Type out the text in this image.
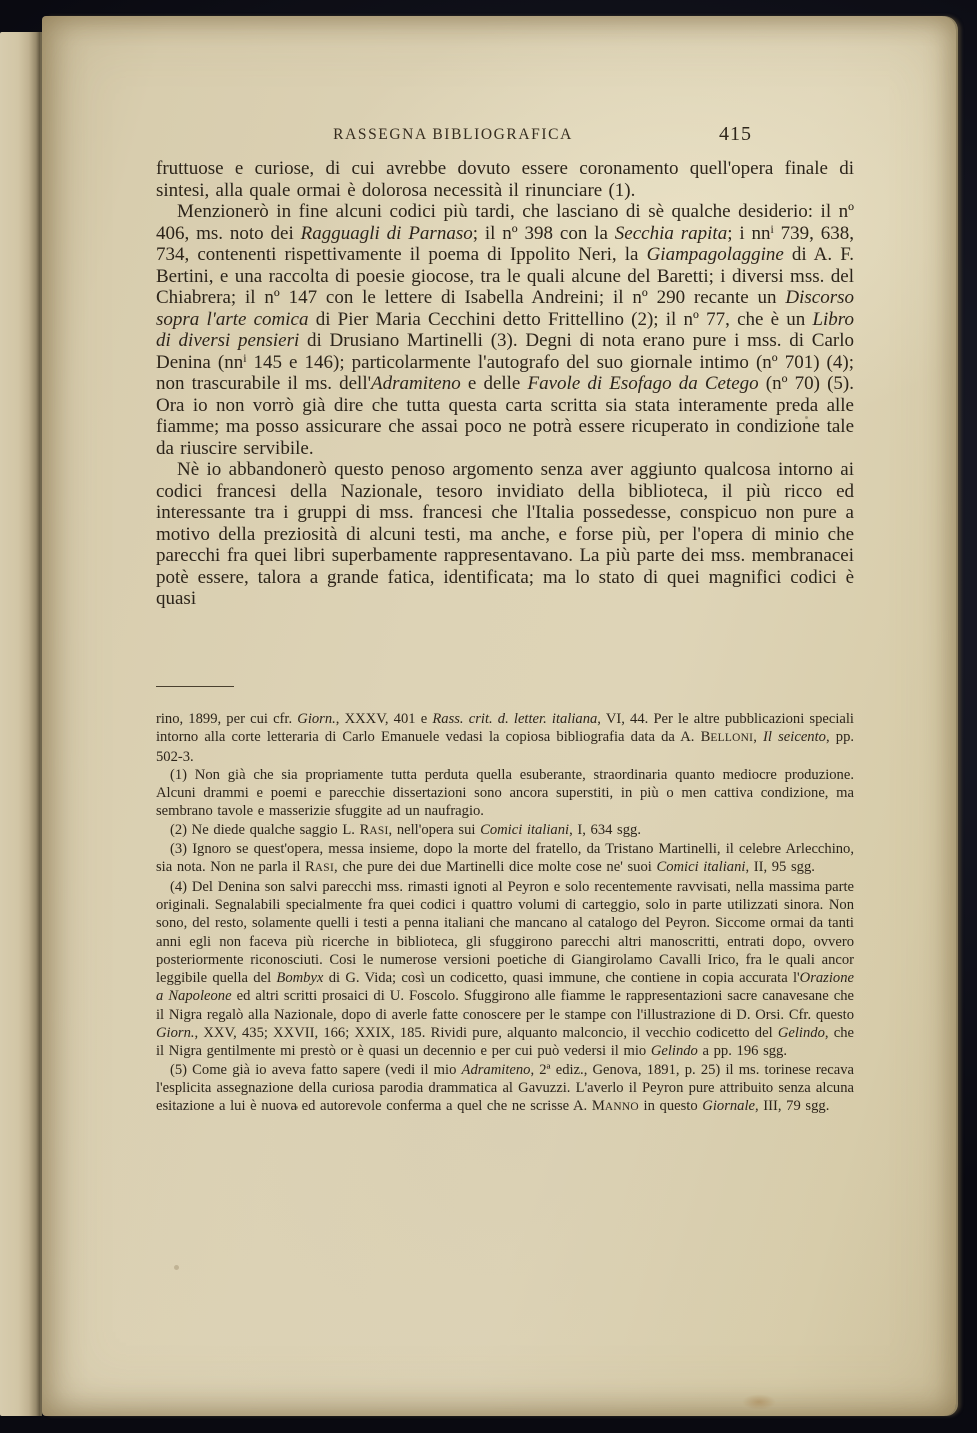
RASSEGNA BIBLIOGRAFICA	415

fruttuose e curiose, di cui avrebbe dovuto essere coronamento quell'opera finale di sintesi, alla quale ormai è dolorosa necessità il rinunciare (1).

Menzionerò in fine alcuni codici più tardi, che lasciano di sè qualche desiderio: il nº 406, ms. noto dei Ragguagli di Parnaso; il nº 398 con la Secchia rapita; i $nn^i$ 739, 638, 734, contenenti rispettivamente il poema di Ippolito Neri, la Giampagolaggine di A. F. Bertini, e una raccolta di poesie giocose, tra le quali alcune del Baretti; i diversi mss. del Chiabrera; il nº 147 con le lettere di Isabella Andreini; il nº 290 recante un Discorso sopra l'arte comica di Pier Maria Cecchini detto Frittellino (2); il nº 77, che è un Libro di diversi pensieri di Drusiano Martinelli (3). Degni di nota erano pure i mss. di Carlo Denina ($nn^i$ 145 e 146); particolarmente l'autografo del suo giornale intimo (nº 701) (4); non trascurabile il ms. dell'Adramiteno e delle Favole di Esofago da Cetego (nº 70) (5). Ora io non vorrò già dire che tutta questa carta scritta sia stata interamente preda alle fiamme; ma posso assicurare che assai poco ne potrà essere ricuperato in condizione tale da riuscire servibile.

Nè io abbandonerò questo penoso argomento senza aver aggiunto qualcosa intorno ai codici francesi della Nazionale, tesoro invidiato della biblioteca, il più ricco ed interessante tra i gruppi di mss. francesi che l'Italia possedesse, conspicuo non pure a motivo della preziosità di alcuni testi, ma anche, e forse più, per l'opera di minio che parecchi fra quei libri superbamente rappresentavano. La più parte dei mss. membranacei potè essere, talora a grande fatica, identificata; ma lo stato di quei magnifici codici è quasi

rino, 1899, per cui cfr. Giorn., XXXV, 401 e Rass. crit. d. letter. italiana, VI, 44. Per le altre pubblicazioni speciali intorno alla corte letteraria di Carlo Emanuele vedasi la copiosa bibliografia data da A. BELLONI, Il seicento, pp. 502-3.

(1) Non già che sia propriamente tutta perduta quella esuberante, straordinaria quanto mediocre produzione. Alcuni drammi e poemi e parecchie dissertazioni sono ancora superstiti, in più o men cattiva condizione, ma sembrano tavole e masserizie sfuggite ad un naufragio.

(2) Ne diede qualche saggio L. RASI, nell'opera sui Comici italiani, I, 634 sgg.

(3) Ignoro se quest'opera, messa insieme, dopo la morte del fratello, da Tristano Martinelli, il celebre Arlecchino, sia nota. Non ne parla il RASI, che pure dei due Martinelli dice molte cose ne' suoi Comici italiani, II, 95 sgg.

(4) Del Denina son salvi parecchi mss. rimasti ignoti al Peyron e solo recentemente ravvisati, nella massima parte originali. Segnalabili specialmente fra quei codici i quattro volumi di carteggio, solo in parte utilizzati sinora. Non sono, del resto, solamente quelli i testi a penna italiani che mancano al catalogo del Peyron. Siccome ormai da tanti anni egli non faceva più ricerche in biblioteca, gli sfuggirono parecchi altri manoscritti, entrati dopo, ovvero posteriormente riconosciuti. Cosi le numerose versioni poetiche di Giangirolamo Cavalli Irico, fra le quali ancor leggibile quella del Bombyx di G. Vida; così un codicetto, quasi immune, che contiene in copia accurata l'Orazione a Napoleone ed altri scritti prosaici di U. Foscolo. Sfuggirono alle fiamme le rappresentazioni sacre canavesane che il Nigra regalò alla Nazionale, dopo di averle fatte conoscere per le stampe con l'illustrazione di D. Orsi. Cfr. questo Giorn., XXV, 435; XXVII, 166; XXIX, 185. Rividi pure, alquanto malconcio, il vecchio codicetto del Gelindo, che il Nigra gentilmente mi prestò or è quasi un decennio e per cui può vedersi il mio Gelindo a pp. 196 sgg.

(5) Come già io aveva fatto sapere (vedi il mio Adramiteno, 2ª ediz., Genova, 1891, p. 25) il ms. torinese recava l'esplicita assegnazione della curiosa parodia drammatica al Gavuzzi. L'averlo il Peyron pure attribuito senza alcuna esitazione a lui è nuova ed autorevole conferma a quel che ne scrisse A. MANNO in questo Giornale, III, 79 sgg.
